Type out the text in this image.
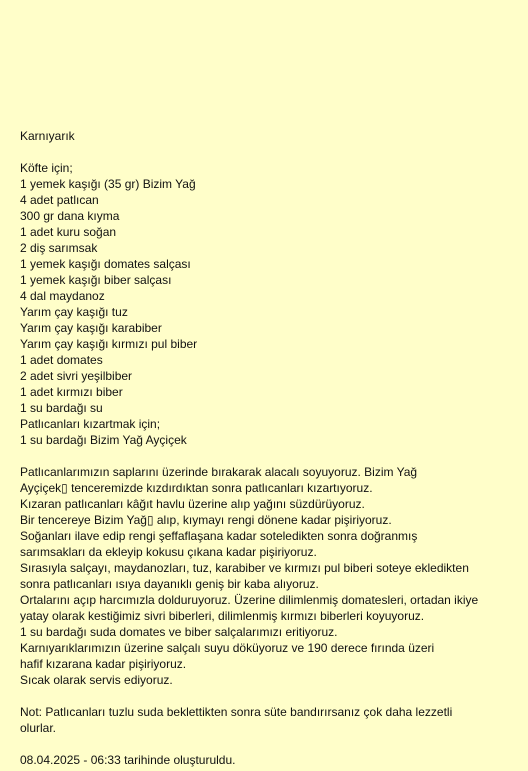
Karnıyarık
Köfte için;
1 yemek kaşığı (35 gr) Bizim Yağ
4 adet patlıcan
300 gr dana kıyma
1 adet kuru soğan
2 diş sarımsak
1 yemek kaşığı domates salçası
1 yemek kaşığı biber salçası
4 dal maydanoz
Yarım çay kaşığı tuz
Yarım çay kaşığı karabiber
Yarım çay kaşığı kırmızı pul biber
1 adet domates
2 adet sivri yeşilbiber
1 adet kırmızı biber
1 su bardağı su
Patlıcanları kızartmak için;
1 su bardağı Bizim Yağ Ayçiçek
Patlıcanlarımızın saplarını üzerinde bırakarak alacalı soyuyoruz. Bizim Yağ
Ayçiçek▯ tenceremizde kızdırdıktan sonra patlıcanları kızartıyoruz.
Kızaran patlıcanları kâğıt havlu üzerine alıp yağını süzdürüyoruz.
Bir tencereye Bizim Yağ▯ alıp, kıymayı rengi dönene kadar pişiriyoruz.
Soğanları ilave edip rengi şeffaflaşana kadar soteledikten sonra doğranmış
sarımsakları da ekleyip kokusu çıkana kadar pişiriyoruz.
Sırasıyla salçayı, maydanozları, tuz, karabiber ve kırmızı pul biberi soteye ekledikten
sonra patlıcanları ısıya dayanıklı geniş bir kaba alıyoruz.
Ortalarını açıp harcımızla dolduruyoruz. Üzerine dilimlenmiş domatesleri, ortadan ikiye
yatay olarak kestiğimiz sivri biberleri, dilimlenmiş kırmızı biberleri koyuyoruz.
1 su bardağı suda domates ve biber salçalarımızı eritiyoruz.
Karnıyarıklarımızın üzerine salçalı suyu döküyoruz ve 190 derece fırında üzeri
hafif kızarana kadar pişiriyoruz.
Sıcak olarak servis ediyoruz.
Not: Patlıcanları tuzlu suda beklettikten sonra süte bandırırsanız çok daha lezzetli
olurlar.
08.04.2025 - 06:33 tarihinde oluşturuldu.
